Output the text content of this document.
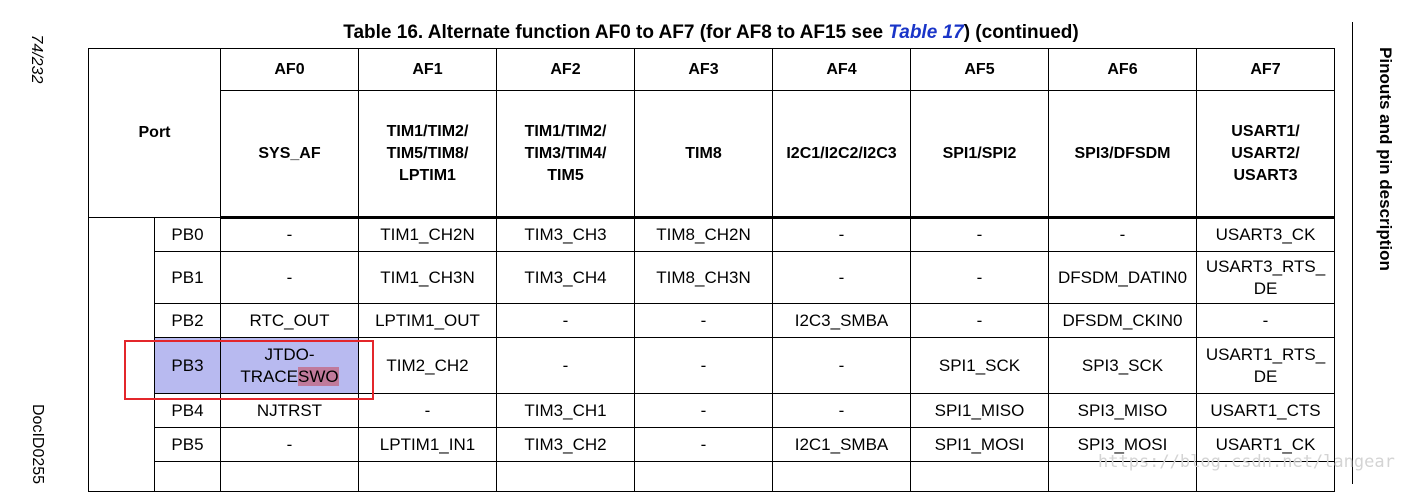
74/232
DocID0255
Pinouts and pin description
Table 16. Alternate function AF0 to AF7 (for AF8 to AF15 see Table 17) (continued)
Port		AF0	AF1	AF2	AF3	AF4	AF5	AF6	AF7
		SYS_AF	TIM1/TIM2/
TIM5/TIM8/
LPTIM1	TIM1/TIM2/
TIM3/TIM4/
TIM5	TIM8	I2C1/I2C2/I2C3	SPI1/SPI2	SPI3/DFSDM	USART1/
USART2/
USART3
	PB0	-	TIM1_CH2N	TIM3_CH3	TIM8_CH2N	-	-	-	USART3_CK
	PB1	-	TIM1_CH3N	TIM3_CH4	TIM8_CH3N	-	-	DFSDM_DATIN0	USART3_RTS_
DE
	PB2	RTC_OUT	LPTIM1_OUT	-	-	I2C3_SMBA	-	DFSDM_CKIN0	-
	PB3	JTDO-
TRACESWO	TIM2_CH2	-	-	-	SPI1_SCK	SPI3_SCK	USART1_RTS_
DE
	PB4	NJTRST	-	TIM3_CH1	-	-	SPI1_MISO	SPI3_MISO	USART1_CTS
	PB5	-	LPTIM1_IN1	TIM3_CH2	-	I2C1_SMBA	SPI1_MOSI	SPI3_MOSI	USART1_CK

https://blog.csdn.net/langear
